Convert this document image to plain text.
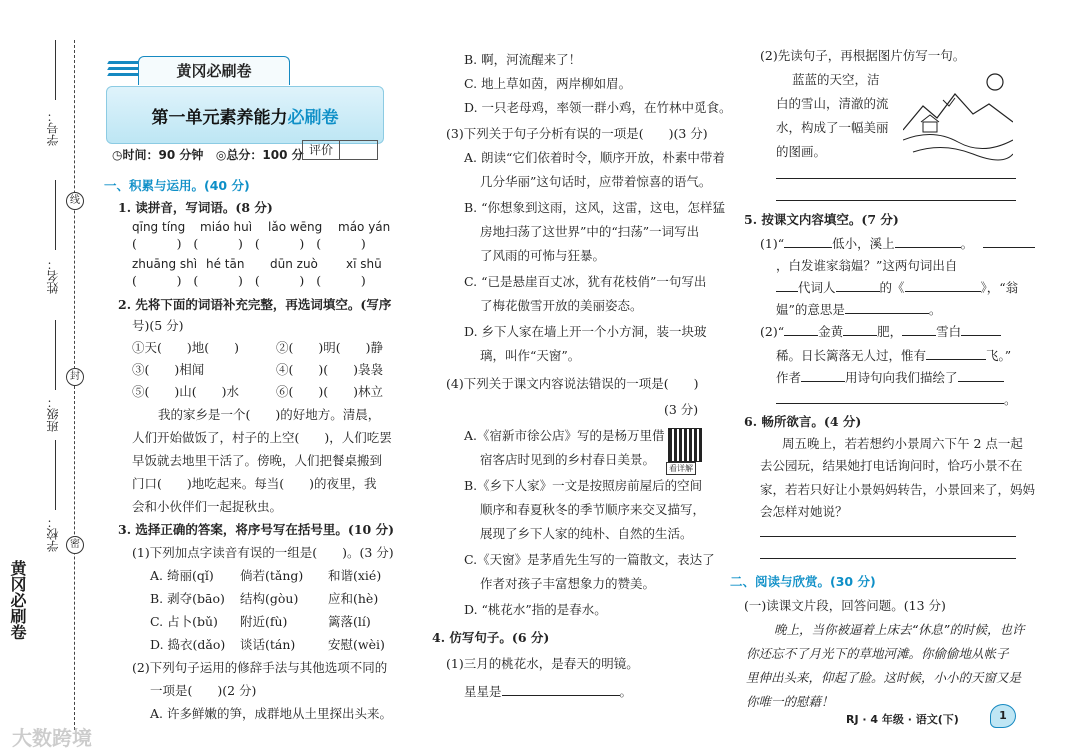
线
封
密
学号：
姓名：
班级：
学校：
黄冈必刷卷
黄冈必刷卷
第一单元素养能力必刷卷
◷时间：90 分钟 ◎总分：100 分 评价
一、积累与运用。(40 分)
1. 读拼音，写词语。(8 分)
qīng tíng miáo huì lǎo wēng máo yán
(          )   (          )   (          )   (          )
zhuāng shì hé tān dūn zuò xī shū
(          )   (          )   (          )   (          )
2. 先将下面的词语补充完整，再选词填空。(写序
号)(5 分)
①天(　　)地(　　)	②(　　)明(　　)静
③(　　)相闻	④(　　)(　　)袅袅
⑤(　　)山(　　)水	⑥(　　)(　　)林立
我的家乡是一个(　　)的好地方。清晨，
人们开始做饭了，村子的上空(　　)，人们吃罢
早饭就去地里干活了。傍晚，人们把餐桌搬到
门口(　　)地吃起来。每当(　　)的夜里，我
会和小伙伴们一起捉秋虫。
3. 选择正确的答案，将序号写在括号里。(10 分)
(1)下列加点字读音有误的一组是(　　)。(3 分)
A. 绮丽(qǐ) 倘若(tǎng) 和谐(xié)
B. 剥夺(bāo) 结构(gòu) 应和(hè)
C. 占卜(bǔ) 附近(fù)	篱落(lí)
D. 捣衣(dǎo) 谈话(tán)	安慰(wèi)
(2)下列句子运用的修辞手法与其他选项不同的
一项是(　　)(2 分)
A. 许多鲜嫩的笋，成群地从土里探出头来。
B. 啊，河流醒来了！
C. 地上草如茵，两岸柳如眉。
D. 一只老母鸡，率领一群小鸡，在竹林中觅食。
(3)下列关于句子分析有误的一项是(　　)(3 分)
A. 朗读“它们依着时令，顺序开放，朴素中带着
几分华丽”这句话时，应带着惊喜的语气。
B. “你想象到这雨，这风，这雷，这电，怎样猛
房地扫荡了这世界”中的“扫荡”一词写出
了风雨的可怖与狂暴。
C. “已是悬崖百丈冰，犹有花枝俏”一句写出
了梅花傲雪开放的美丽姿态。
D. 乡下人家在墙上开一个小方洞，装一块玻
璃，叫作“天窗”。
(4)下列关于课文内容说法错误的一项是(　　)
(3 分)
A.《宿新市徐公店》写的是杨万里借
宿客店时见到的乡村春日美景。
看详解
B.《乡下人家》一文是按照房前屋后的空间
顺序和春夏秋冬的季节顺序来交叉描写，
展现了乡下人家的纯朴、自然的生活。
C.《天窗》是茅盾先生写的一篇散文，表达了
作者对孩子丰富想象力的赞美。
D. “桃花水”指的是春水。
4. 仿写句子。(6 分)
(1)三月的桃花水，是春天的明镜。
星星是	。
(2)先读句子，再根据图片仿写一句。
蓝蓝的天空，洁
白的雪山，清澈的流
水，构成了一幅美丽
的图画。
5. 按课文内容填空。(7 分)
(1)“	低小，溪上	。
，白发谁家翁媪？”这两句词出自
代词人	的《	》，“翁
媪”的意思是	。
(2)“	金黄	肥，	雪白
稀。日长篱落无人过，惟有	飞。”
作者	用诗句向我们描绘了
。
6. 畅所欲言。(4 分)
周五晚上，若若想约小景周六下午 2 点一起
去公园玩，结果她打电话询问时，恰巧小景不在
家，若若只好让小景妈妈转告，小景回来了，妈妈
会怎样对她说？
二、阅读与欣赏。(30 分)
(一)读课文片段，回答问题。(13 分)
晚上，当你被逼着上床去“休息”的时候，也许
你还忘不了月光下的草地河滩。你偷偷地从帐子
里伸出头来，仰起了脸。这时候，小小的天窗又是
你唯一的慰藉！
RJ · 4 年级 · 语文(下)	1
大数跨境
